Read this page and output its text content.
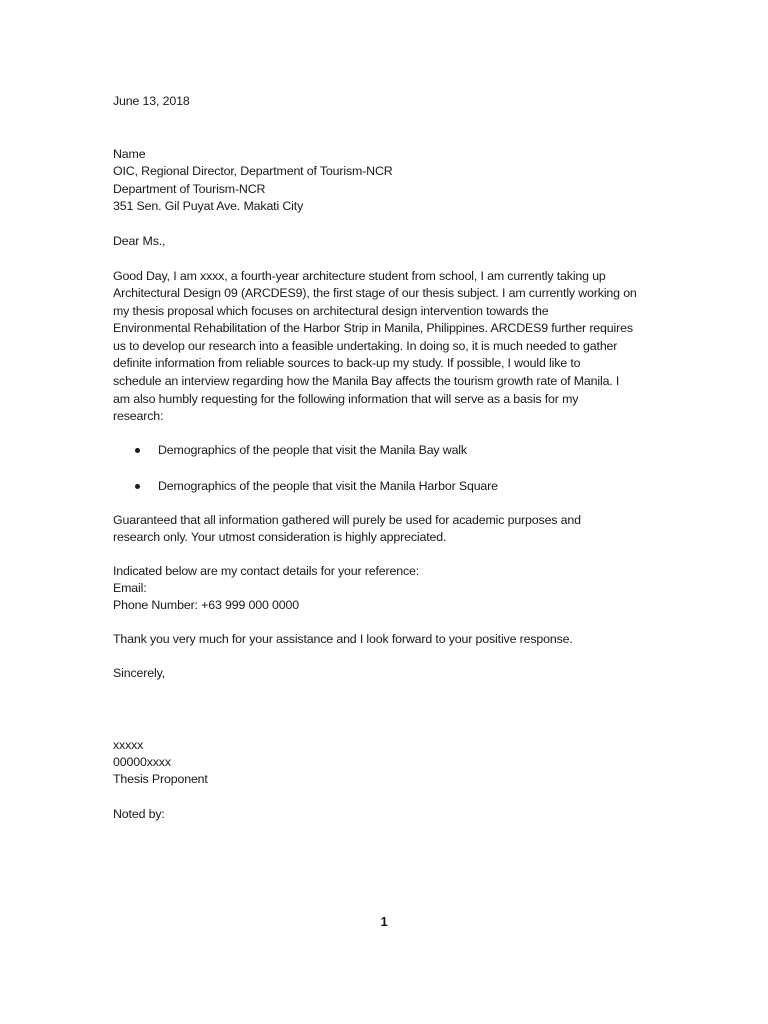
June 13, 2018

Name

OIC, Regional Director, Department of Tourism-NCR

Department of Tourism-NCR

351 Sen. Gil Puyat Ave. Makati City

Dear Ms.,

Good Day, I am xxxx, a fourth-year architecture student from school, I am currently taking up

Architectural Design 09 (ARCDES9), the first stage of our thesis subject. I am currently working on

my thesis proposal which focuses on architectural design intervention towards the

Environmental Rehabilitation of the Harbor Strip in Manila, Philippines. ARCDES9 further requires

us to develop our research into a feasible undertaking. In doing so, it is much needed to gather

definite information from reliable sources to back-up my study. If possible, I would like to

schedule an interview regarding how the Manila Bay affects the tourism growth rate of Manila. I

am also humbly requesting for the following information that will serve as a basis for my

research:

Demographics of the people that visit the Manila Bay walk
Demographics of the people that visit the Manila Harbor Square

Guaranteed that all information gathered will purely be used for academic purposes and

research only. Your utmost consideration is highly appreciated.

Indicated below are my contact details for your reference:

Email:

Phone Number: +63 999 000 0000

Thank you very much for your assistance and I look forward to your positive response.

Sincerely,

xxxxx

00000xxxx

Thesis Proponent

Noted by:

1
